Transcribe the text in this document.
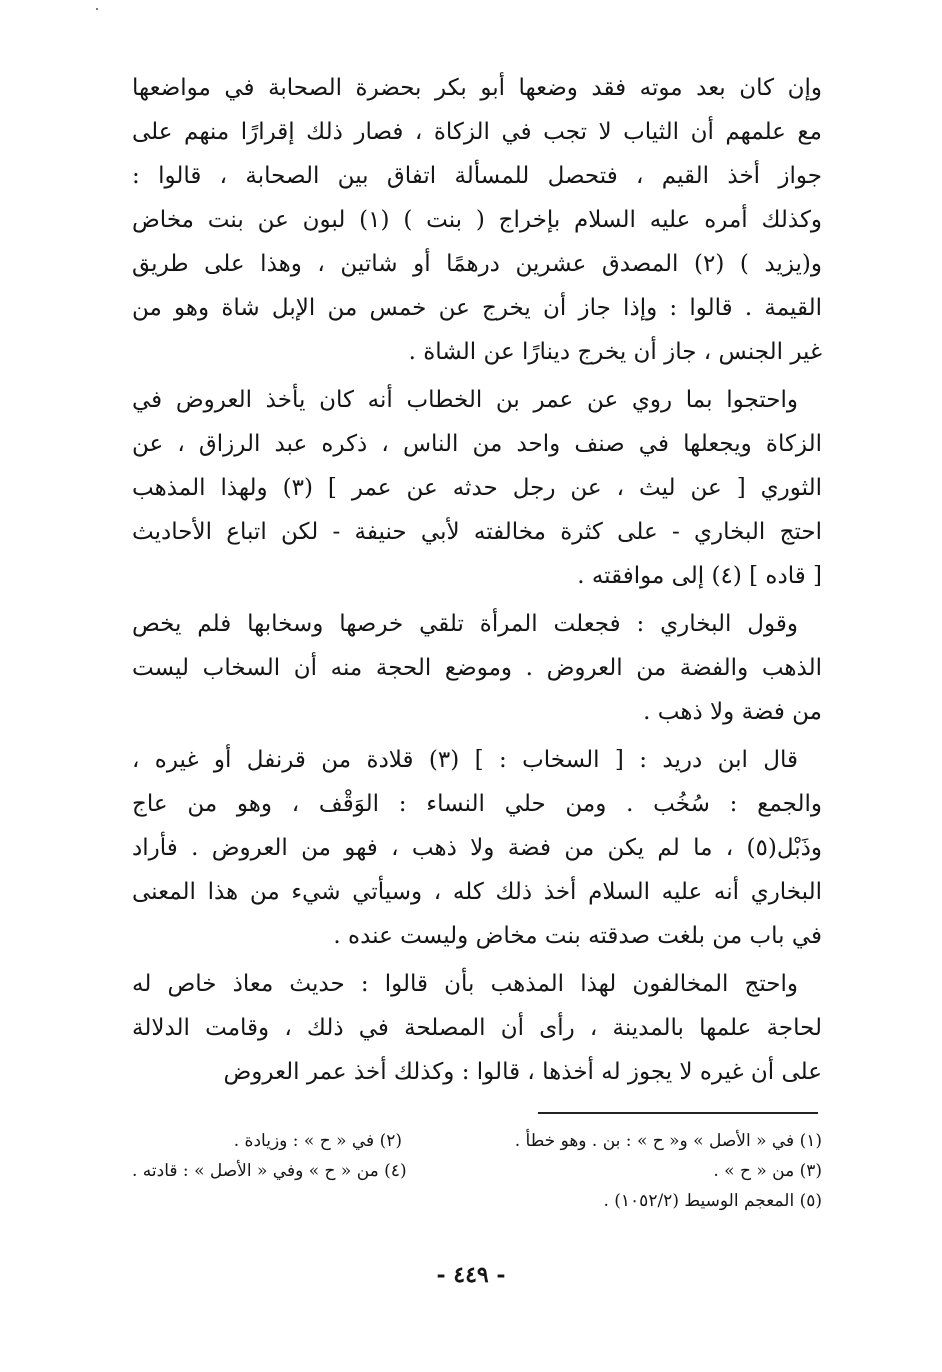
وإن كان بعد موته فقد وضعها أبو بكر بحضرة الصحابة في مواضعها
مع علمهم أن الثياب لا تجب في الزكاة ، فصار ذلك إقرارًا منهم على
جواز أخذ القيم ، فتحصل للمسألة اتفاق بين الصحابة ، قالوا :
وكذلك أمره عليه السلام بإخراج ( بنت ) (١) لبون عن بنت مخاض
و(يزيد ) (٢) المصدق عشرين درهمًا أو شاتين ، وهذا على طريق
القيمة . قالوا : وإذا جاز أن يخرج عن خمس من الإبل شاة وهو من
غير الجنس ، جاز أن يخرج دينارًا عن الشاة .
واحتجوا بما روي عن عمر بن الخطاب أنه كان يأخذ العروض في
الزكاة ويجعلها في صنف واحد من الناس ، ذكره عبد الرزاق ، عن
الثوري [ عن ليث ، عن رجل حدثه عن عمر ] (٣) ولهذا المذهب
احتج البخاري - على كثرة مخالفته لأبي حنيفة - لكن اتباع الأحاديث
[ قاده ] (٤) إلى موافقته .
وقول البخاري : فجعلت المرأة تلقي خرصها وسخابها فلم يخص
الذهب والفضة من العروض . وموضع الحجة منه أن السخاب ليست
من فضة ولا ذهب .
قال ابن دريد : [ السخاب : ] (٣) قلادة من قرنفل أو غيره ،
والجمع : سُخُب . ومن حلي النساء : الوَقْف ، وهو من عاج
وذَبْل(٥) ، ما لم يكن من فضة ولا ذهب ، فهو من العروض . فأراد
البخاري أنه عليه السلام أخذ ذلك كله ، وسيأتي شيء من هذا المعنى
في باب من بلغت صدقته بنت مخاض وليست عنده .
واحتج المخالفون لهذا المذهب بأن قالوا : حديث معاذ خاص له
لحاجة علمها بالمدينة ، رأى أن المصلحة في ذلك ، وقامت الدلالة
على أن غيره لا يجوز له أخذها ، قالوا : وكذلك أخذ عمر العروض
(١) في « الأصل » و« ح » : بن . وهو خطأ .
(٢) في « ح » : وزيادة .
(٣) من « ح » .
(٤) من « ح » وفي « الأصل » : قادته .
(٥) المعجم الوسيط (١٠٥٢/٢) .
- ٤٤٩ -
